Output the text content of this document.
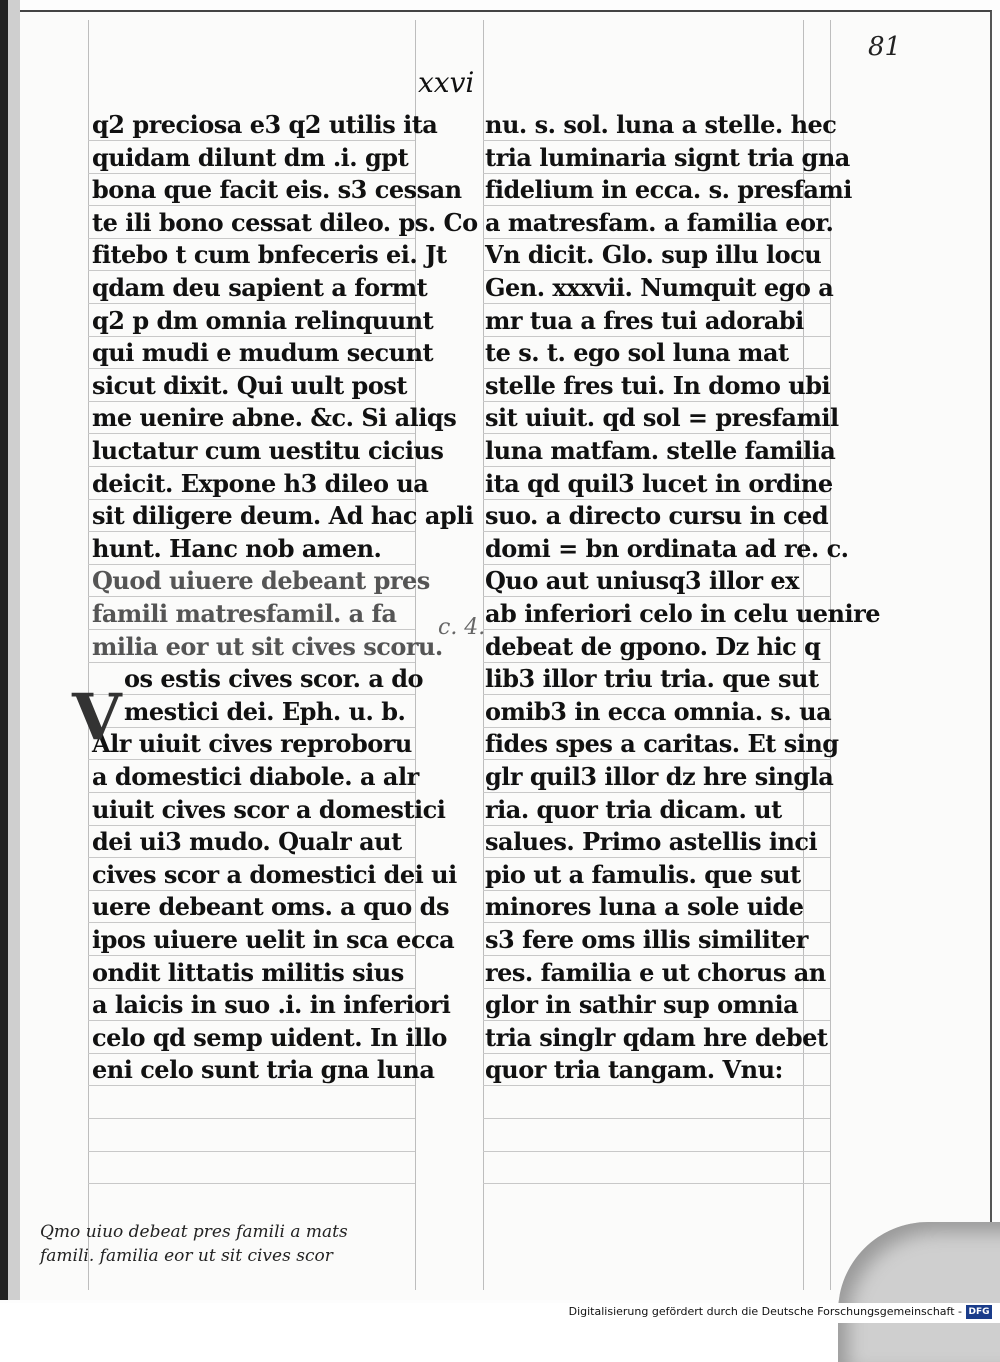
81
xxvi
q2 preciosa e3 q2 utilis ita
quidam dilunt dm .i. gpt
bona que facit eis. s3 cessan
te ili bono cessat dileo. ps. Co
fitebo t cum bnfeceris ei. Jt
qdam deu sapient a formt
q2 p dm omnia relinquunt
qui mudi e mudum secunt
sicut dixit. Qui uult post
me uenire abne. &c. Si aliqs
luctatur cum uestitu cicius
deicit. Expone h3 dileo ua
sit diligere deum. Ad hac apli
hunt. Hanc nob amen.
Quod uiuere debeant pres
famili matresfamil. a fa
milia eor ut sit cives scoru.
os estis cives scor. a do
mestici dei. Eph. u. b.
Alr uiuit cives reproboru
a domestici diabole. a alr
uiuit cives scor a domestici
dei ui3 mudo. Qualr aut
cives scor a domestici dei ui
uere debeant oms. a quo ds
ipos uiuere uelit in sca ecca
ondit littatis militis sius
a laicis in suo .i. in inferiori
celo qd semp uident. In illo
eni celo sunt tria gna luna
nu. s. sol. luna a stelle. hec
tria luminaria signt tria gna
fidelium in ecca. s. presfami
a matresfam. a familia eor.
Vn dicit. Glo. sup illu locu
Gen. xxxvii. Numquit ego a
mr tua a fres tui adorabi
te s. t. ego sol luna mat
stelle fres tui. In domo ubi
sit uiuit. qd sol = presfamil
luna matfam. stelle familia
ita qd quil3 lucet in ordine
suo. a directo cursu in ced
domi = bn ordinata ad re. c.
Quo aut uniusq3 illor ex
ab inferiori celo in celu uenire
debeat de gpono. Dz hic q
lib3 illor triu tria. que sut
omib3 in ecca omnia. s. ua
fides spes a caritas. Et sing
glr quil3 illor dz hre singla
ria. quor tria dicam. ut
salues. Primo astellis inci
pio ut a famulis. que sut
minores luna a sole uide
s3 fere oms illis similiter
res. familia e ut chorus an
glor in sathir sup omnia
tria singlr qdam hre debet
quor tria tangam. Vnu:
V
c. 4.
Qmo uiuo debeat pres famili a mats
famili. familia eor ut sit cives scor
Digitalisierung gefördert durch die Deutsche Forschungsgemeinschaft - DFG
